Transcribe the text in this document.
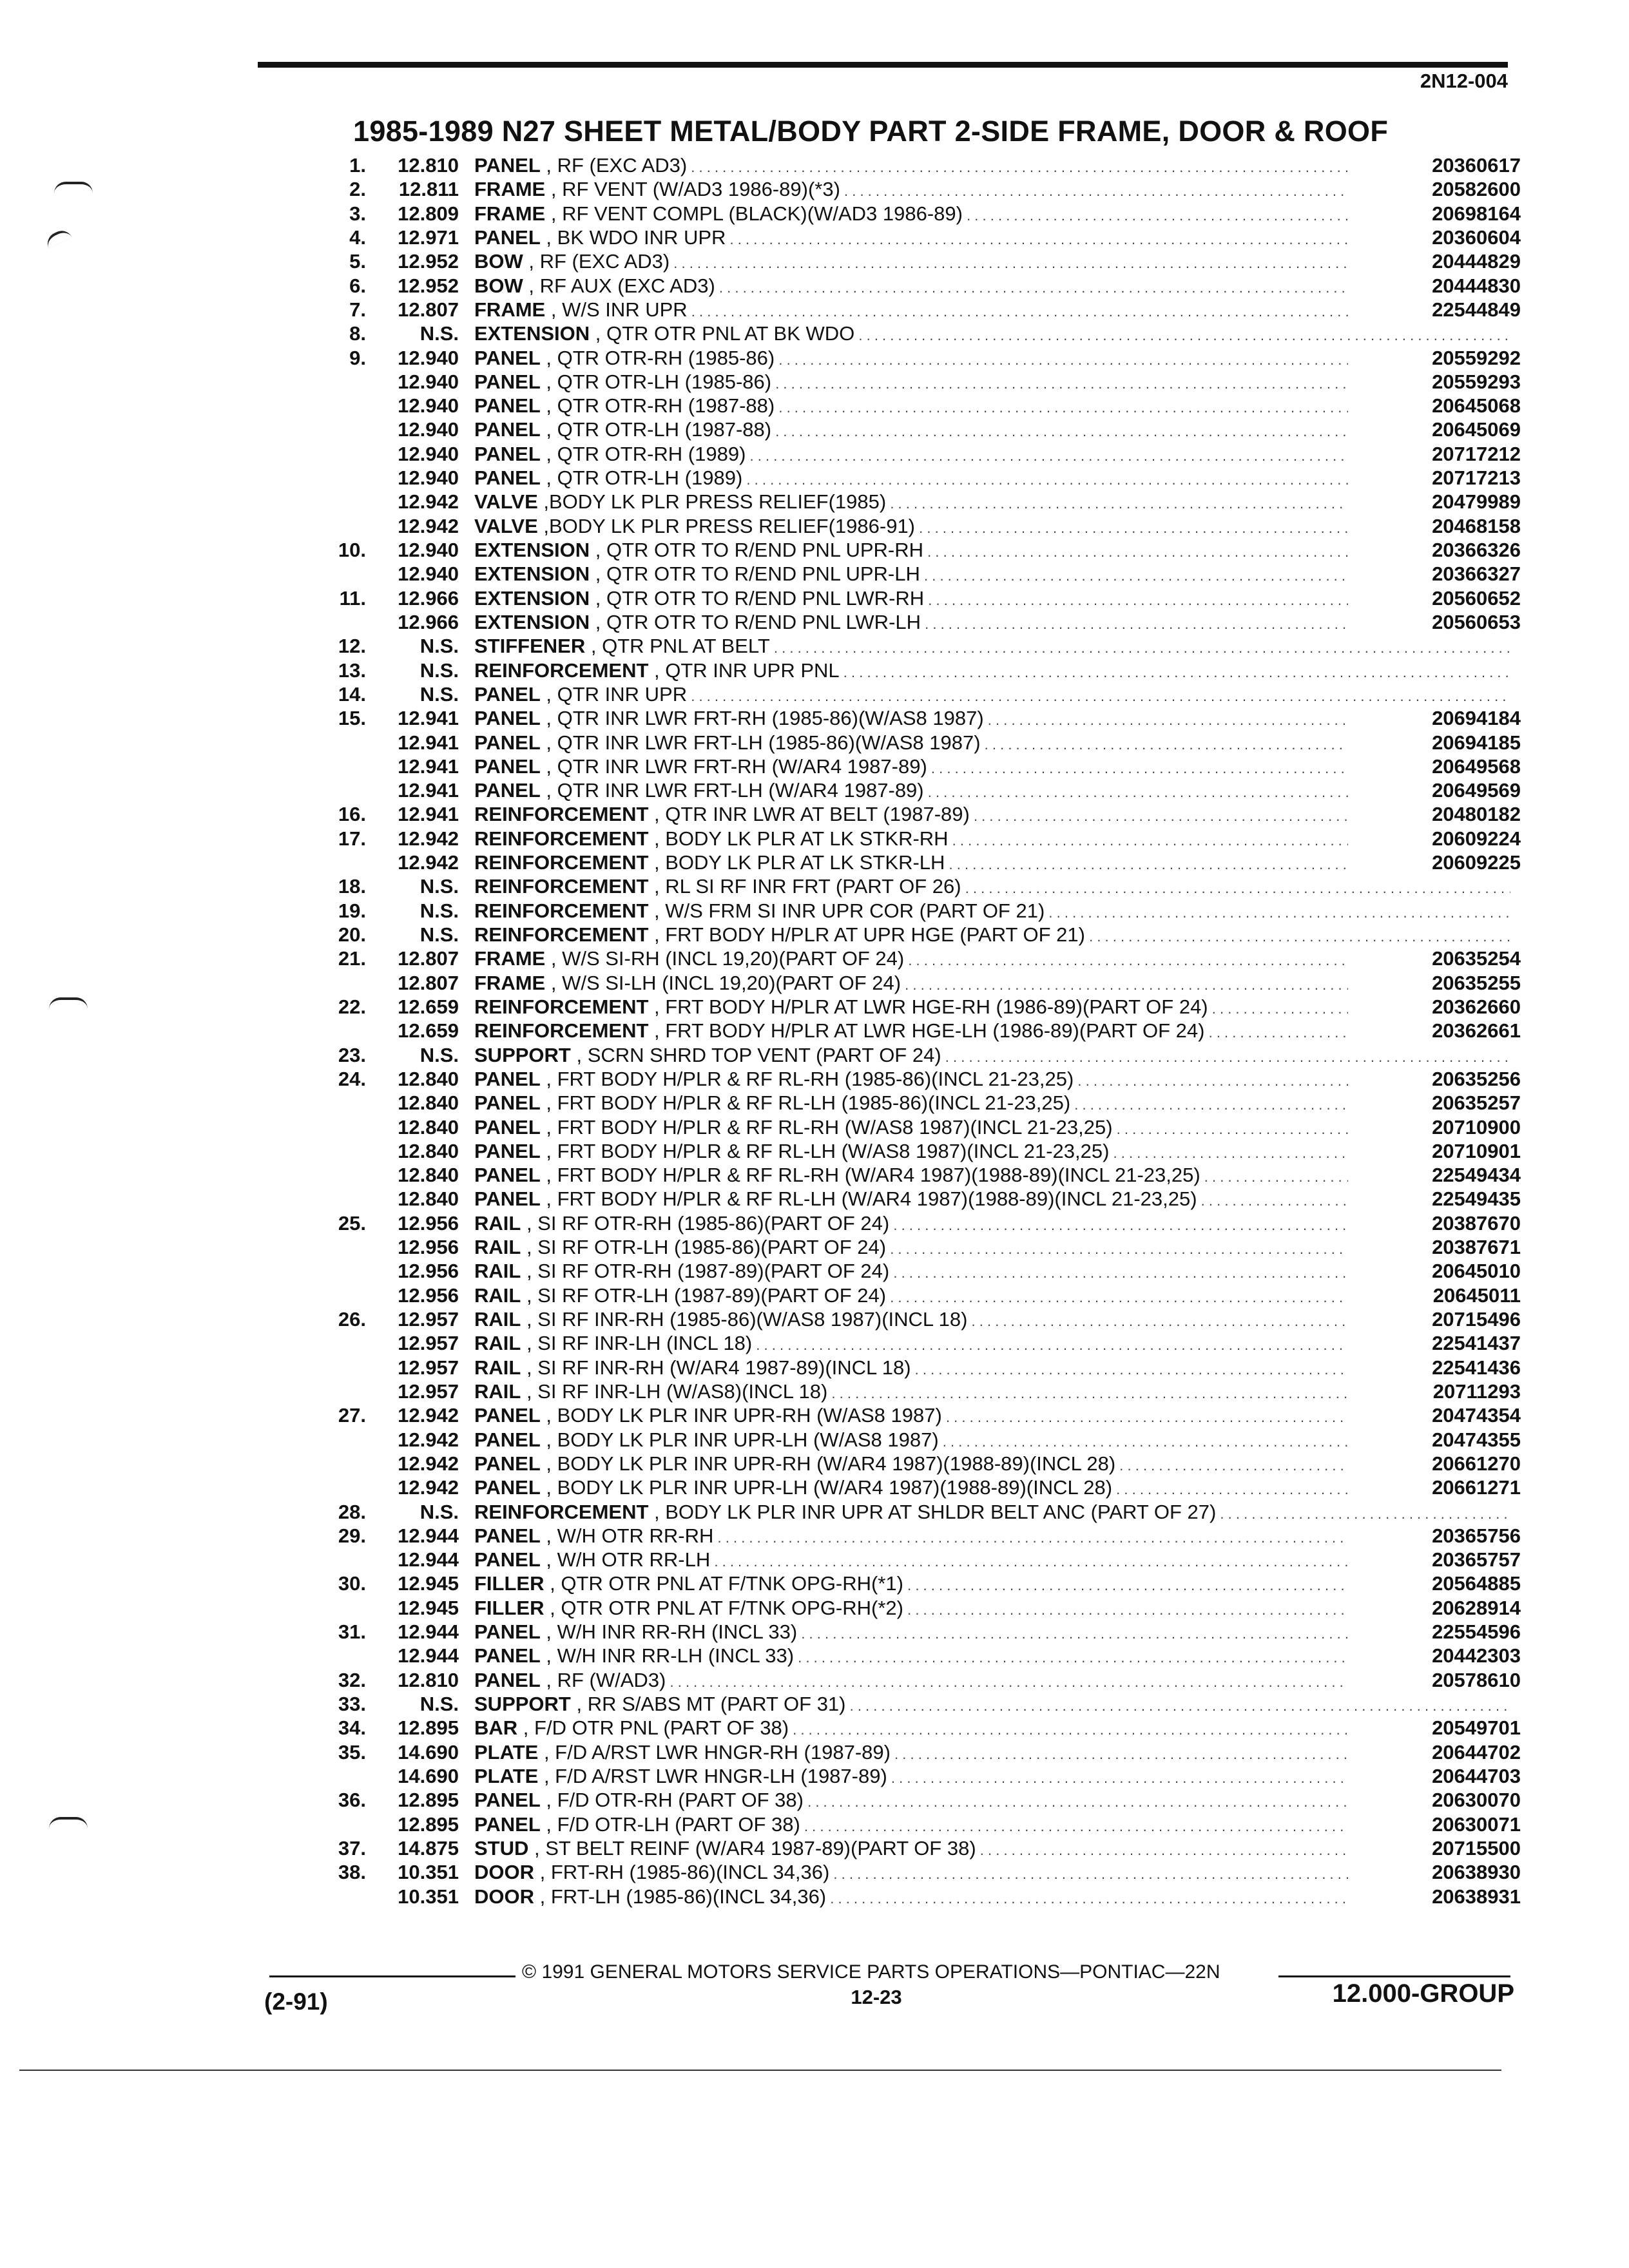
2N12-004
1985-1989 N27 SHEET METAL/BODY PART 2-SIDE FRAME, DOOR & ROOF
1.	12.810 PANEL , RF (EXC AD3) . . .	20360617
2.	12.811 FRAME , RF VENT (W/AD3 1986-89)(*3) . . .	20582600
3.	12.809 FRAME , RF VENT COMPL (BLACK)(W/AD3 1986-89) . . .	20698164
4.	12.971 PANEL , BK WDO INR UPR . . .	20360604
5.	12.952 BOW , RF (EXC AD3) . . .	20444829
6.	12.952 BOW , RF AUX (EXC AD3) . . .	20444830
7.	12.807 FRAME , W/S INR UPR . . .	22544849
8.	N.S. EXTENSION , QTR OTR PNL AT BK WDO . . .
9.	12.940 PANEL , QTR OTR-RH (1985-86) . . .	20559292
12.940 PANEL , QTR OTR-LH (1985-86) . . .	20559293
12.940 PANEL , QTR OTR-RH (1987-88) . . .	20645068
12.940 PANEL , QTR OTR-LH (1987-88) . . .	20645069
12.940 PANEL , QTR OTR-RH (1989) . . .	20717212
12.940 PANEL , QTR OTR-LH (1989) . . .	20717213
12.942 VALVE ,BODY LK PLR PRESS RELIEF(1985) . . .	20479989
12.942 VALVE ,BODY LK PLR PRESS RELIEF(1986-91) . . .	20468158
10.	12.940 EXTENSION , QTR OTR TO R/END PNL UPR-RH . . .	20366326
12.940 EXTENSION , QTR OTR TO R/END PNL UPR-LH . . .	20366327
11.	12.966 EXTENSION , QTR OTR TO R/END PNL LWR-RH . . .	20560652
12.966 EXTENSION , QTR OTR TO R/END PNL LWR-LH . . .	20560653
12.	N.S. STIFFENER , QTR PNL AT BELT . . .
13.	N.S. REINFORCEMENT , QTR INR UPR PNL . . .
14.	N.S. PANEL , QTR INR UPR . . .
15.	12.941 PANEL , QTR INR LWR FRT-RH (1985-86)(W/AS8 1987) . . .	20694184
12.941 PANEL , QTR INR LWR FRT-LH (1985-86)(W/AS8 1987) . . .	20694185
12.941 PANEL , QTR INR LWR FRT-RH (W/AR4 1987-89) . . .	20649568
12.941 PANEL , QTR INR LWR FRT-LH (W/AR4 1987-89) . . .	20649569
16.	12.941 REINFORCEMENT , QTR INR LWR AT BELT (1987-89) . . .	20480182
17.	12.942 REINFORCEMENT , BODY LK PLR AT LK STKR-RH . . .	20609224
12.942 REINFORCEMENT , BODY LK PLR AT LK STKR-LH . . .	20609225
18.	N.S. REINFORCEMENT , RL SI RF INR FRT (PART OF 26) . . .
19.	N.S. REINFORCEMENT , W/S FRM SI INR UPR COR (PART OF 21) . . .
20.	N.S. REINFORCEMENT , FRT BODY H/PLR AT UPR HGE (PART OF 21) . . .
21.	12.807 FRAME , W/S SI-RH (INCL 19,20)(PART OF 24) . . .	20635254
12.807 FRAME , W/S SI-LH (INCL 19,20)(PART OF 24) . . .	20635255
22.	12.659 REINFORCEMENT , FRT BODY H/PLR AT LWR HGE-RH (1986-89)(PART OF 24) . . .	20362660
12.659 REINFORCEMENT , FRT BODY H/PLR AT LWR HGE-LH (1986-89)(PART OF 24) . . .	20362661
23.	N.S. SUPPORT , SCRN SHRD TOP VENT (PART OF 24) . . .
24.	12.840 PANEL , FRT BODY H/PLR & RF RL-RH (1985-86)(INCL 21-23,25) . . .	20635256
12.840 PANEL , FRT BODY H/PLR & RF RL-LH (1985-86)(INCL 21-23,25) . . .	20635257
12.840 PANEL , FRT BODY H/PLR & RF RL-RH (W/AS8 1987)(INCL 21-23,25) . . .	20710900
12.840 PANEL , FRT BODY H/PLR & RF RL-LH (W/AS8 1987)(INCL 21-23,25) . . .	20710901
12.840 PANEL , FRT BODY H/PLR & RF RL-RH (W/AR4 1987)(1988-89)(INCL 21-23,25) . . .	22549434
12.840 PANEL , FRT BODY H/PLR & RF RL-LH (W/AR4 1987)(1988-89)(INCL 21-23,25) . . .	22549435
25.	12.956 RAIL , SI RF OTR-RH (1985-86)(PART OF 24) . . .	20387670
12.956 RAIL , SI RF OTR-LH (1985-86)(PART OF 24) . . .	20387671
12.956 RAIL , SI RF OTR-RH (1987-89)(PART OF 24) . . .	20645010
12.956 RAIL , SI RF OTR-LH (1987-89)(PART OF 24) . . .	20645011
26.	12.957 RAIL , SI RF INR-RH (1985-86)(W/AS8 1987)(INCL 18) . . .	20715496
12.957 RAIL , SI RF INR-LH (INCL 18) . . .	22541437
12.957 RAIL , SI RF INR-RH (W/AR4 1987-89)(INCL 18) . . .	22541436
12.957 RAIL , SI RF INR-LH (W/AS8)(INCL 18) . . .	20711293
27.	12.942 PANEL , BODY LK PLR INR UPR-RH (W/AS8 1987) . . .	20474354
12.942 PANEL , BODY LK PLR INR UPR-LH (W/AS8 1987) . . .	20474355
12.942 PANEL , BODY LK PLR INR UPR-RH (W/AR4 1987)(1988-89)(INCL 28) . . .	20661270
12.942 PANEL , BODY LK PLR INR UPR-LH (W/AR4 1987)(1988-89)(INCL 28) . . .	20661271
28.	N.S. REINFORCEMENT , BODY LK PLR INR UPR AT SHLDR BELT ANC (PART OF 27) . . .
29.	12.944 PANEL , W/H OTR RR-RH . . .	20365756
12.944 PANEL , W/H OTR RR-LH . . .	20365757
30.	12.945 FILLER , QTR OTR PNL AT F/TNK OPG-RH(*1) . . .	20564885
12.945 FILLER , QTR OTR PNL AT F/TNK OPG-RH(*2) . . .	20628914
31.	12.944 PANEL , W/H INR RR-RH (INCL 33) . . .	22554596
12.944 PANEL , W/H INR RR-LH (INCL 33) . . .	20442303
32.	12.810 PANEL , RF (W/AD3) . . .	20578610
33.	N.S. SUPPORT , RR S/ABS MT (PART OF 31) . . .
34.	12.895 BAR , F/D OTR PNL (PART OF 38) . . .	20549701
35.	14.690 PLATE , F/D A/RST LWR HNGR-RH (1987-89) . . .	20644702
14.690 PLATE , F/D A/RST LWR HNGR-LH (1987-89) . . .	20644703
36.	12.895 PANEL , F/D OTR-RH (PART OF 38) . . .	20630070
12.895 PANEL , F/D OTR-LH (PART OF 38) . . .	20630071
37.	14.875 STUD , ST BELT REINF (W/AR4 1987-89)(PART OF 38) . . .	20715500
38.	10.351 DOOR , FRT-RH (1985-86)(INCL 34,36) . . .	20638930
10.351 DOOR , FRT-LH (1985-86)(INCL 34,36) . . .	20638931
© 1991 GENERAL MOTORS SERVICE PARTS OPERATIONS—PONTIAC—22N
12-23
(2-91)	12.000-GROUP
